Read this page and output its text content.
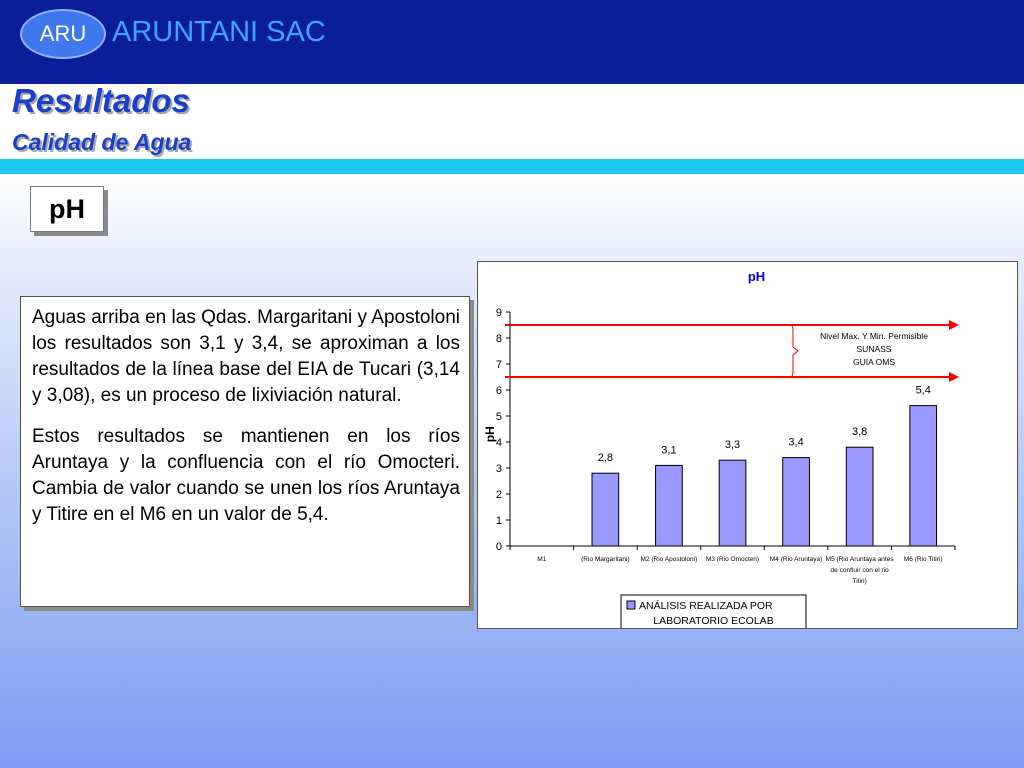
ARU ARUNTANI SAC
Resultados
Calidad de Agua
pH

Aguas arriba en las Qdas. Margaritani y Apostoloni los resultados son 3,1 y 3,4, se aproximan a los resultados de la línea base del EIA de Tucari (3,14 y 3,08), es un proceso de lixiviación natural.

Estos resultados se mantienen en los ríos Aruntaya y la confluencia con el río Omocteri. Cambia de valor cuando se unen los ríos Aruntaya y Titire en el M6 en un valor de 5,4.

pH
pH
0
1
2
3
4
5
6
7
8
9
2,8
3,1	3,3	3,4
3,8
5,4
M1	(Rio Margaritani) M2 (Rio Apostoloni) M3 (Rio Omocteri) M4 (Rio Aruntaya) M5 (Rio Aruntaya antes
de confluir con el rio
Titiri)
M6 (Rio Titiri)
Nivel Max. Y Min. Permisible
SUNASS
GUIA OMS
ANÁLISIS REALIZADA POR
LABORATORIO ECOLAB
